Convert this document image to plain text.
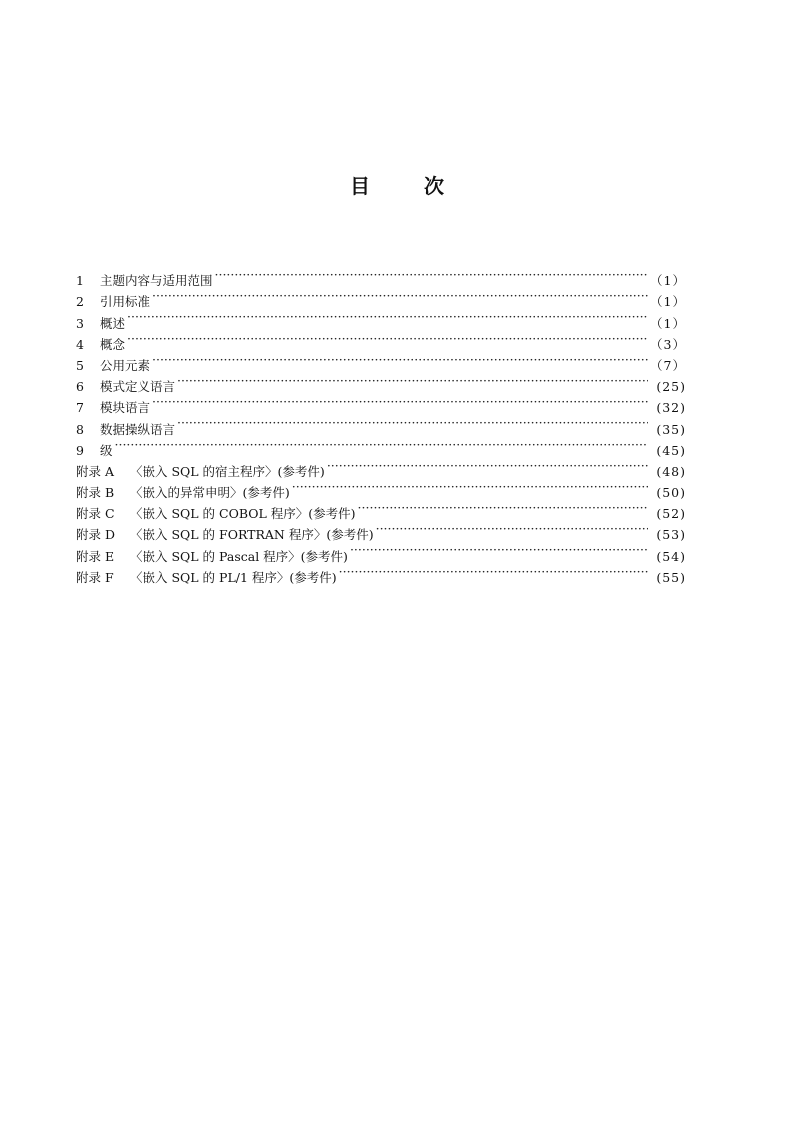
目	次
1	主题内容与适用范围 ·····	（1）
2	引用标准 ·····	（1）
3	概述 ·····	（1）
4	概念 ·····	（3）
5	公用元素 ·····	（7）
6	模式定义语言 ·····	(25)
7	模块语言 ·····	(32)
8	数据操纵语言 ·····	(35)
9	级 ·····	(45)
附录 A	〈嵌入 SQL 的宿主程序〉(参考件) ·····	(48)
附录 B	〈嵌入的异常申明〉(参考件) ·····	(50)
附录 C	〈嵌入 SQL 的 COBOL 程序〉(参考件) ·····	(52)
附录 D	〈嵌入 SQL 的 FORTRAN 程序〉(参考件) ·····	(53)
附录 E	〈嵌入 SQL 的 Pascal 程序〉(参考件) ·····	(54)
附录 F	〈嵌入 SQL 的 PL/1 程序〉(参考件) ·····	(55)
